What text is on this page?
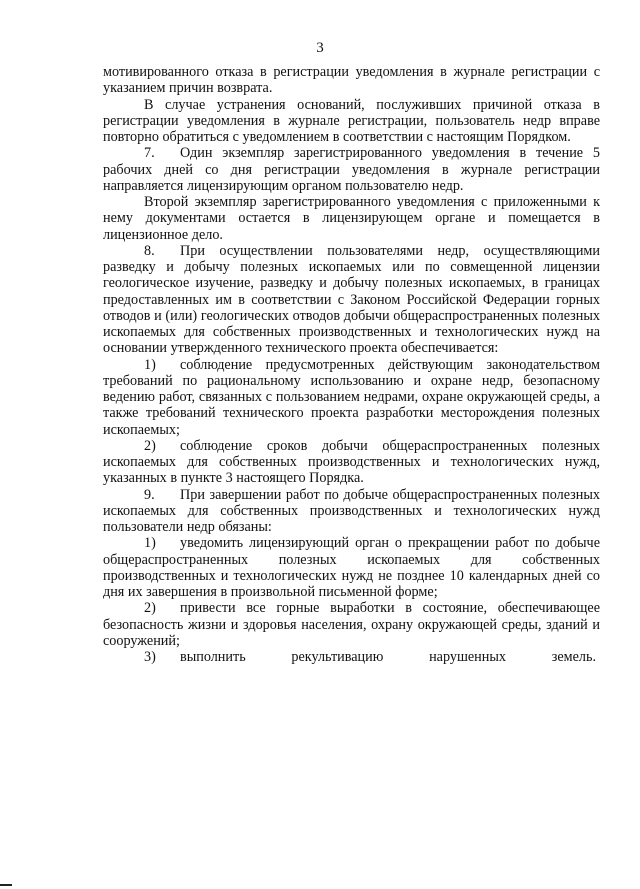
3

мотивированного отказа в регистрации уведомления в журнале регистрации с указанием причин возврата.

В случае устранения оснований, послуживших причиной отказа в регистрации уведомления в журнале регистрации, пользователь недр вправе повторно обратиться с уведомлением в соответствии с настоящим Порядком.

7. Один экземпляр зарегистрированного уведомления в течение 5 рабочих дней со дня регистрации уведомления в журнале регистрации направляется лицензирующим органом пользователю недр.

Второй экземпляр зарегистрированного уведомления с приложенными к нему документами остается в лицензирующем органе и помещается в лицензионное дело.

8. При осуществлении пользователями недр, осуществляющими разведку и добычу полезных ископаемых или по совмещенной лицензии геологическое изучение, разведку и добычу полезных ископаемых, в границах предоставленных им в соответствии с Законом Российской Федерации горных отводов и (или) геологических отводов добычи общераспространенных полезных ископаемых для собственных производственных и технологических нужд на основании утвержденного технического проекта обеспечивается:

1) соблюдение предусмотренных действующим законодательством требований по рациональному использованию и охране недр, безопасному ведению работ, связанных с пользованием недрами, охране окружающей среды, а также требований технического проекта разработки месторождения полезных ископаемых;

2) соблюдение сроков добычи общераспространенных полезных ископаемых для собственных производственных и технологических нужд, указанных в пункте 3 настоящего Порядка.

9. При завершении работ по добыче общераспространенных полезных ископаемых для собственных производственных и технологических нужд пользователи недр обязаны:

1) уведомить лицензирующий орган о прекращении работ по добыче общераспространенных полезных ископаемых для собственных производственных и технологических нужд не позднее 10 календарных дней со дня их завершения в произвольной письменной форме;

2) привести все горные выработки в состояние, обеспечивающее безопасность жизни и здоровья населения, охрану окружающей среды, зданий и сооружений;

3) выполнить рекультивацию нарушенных земель.
